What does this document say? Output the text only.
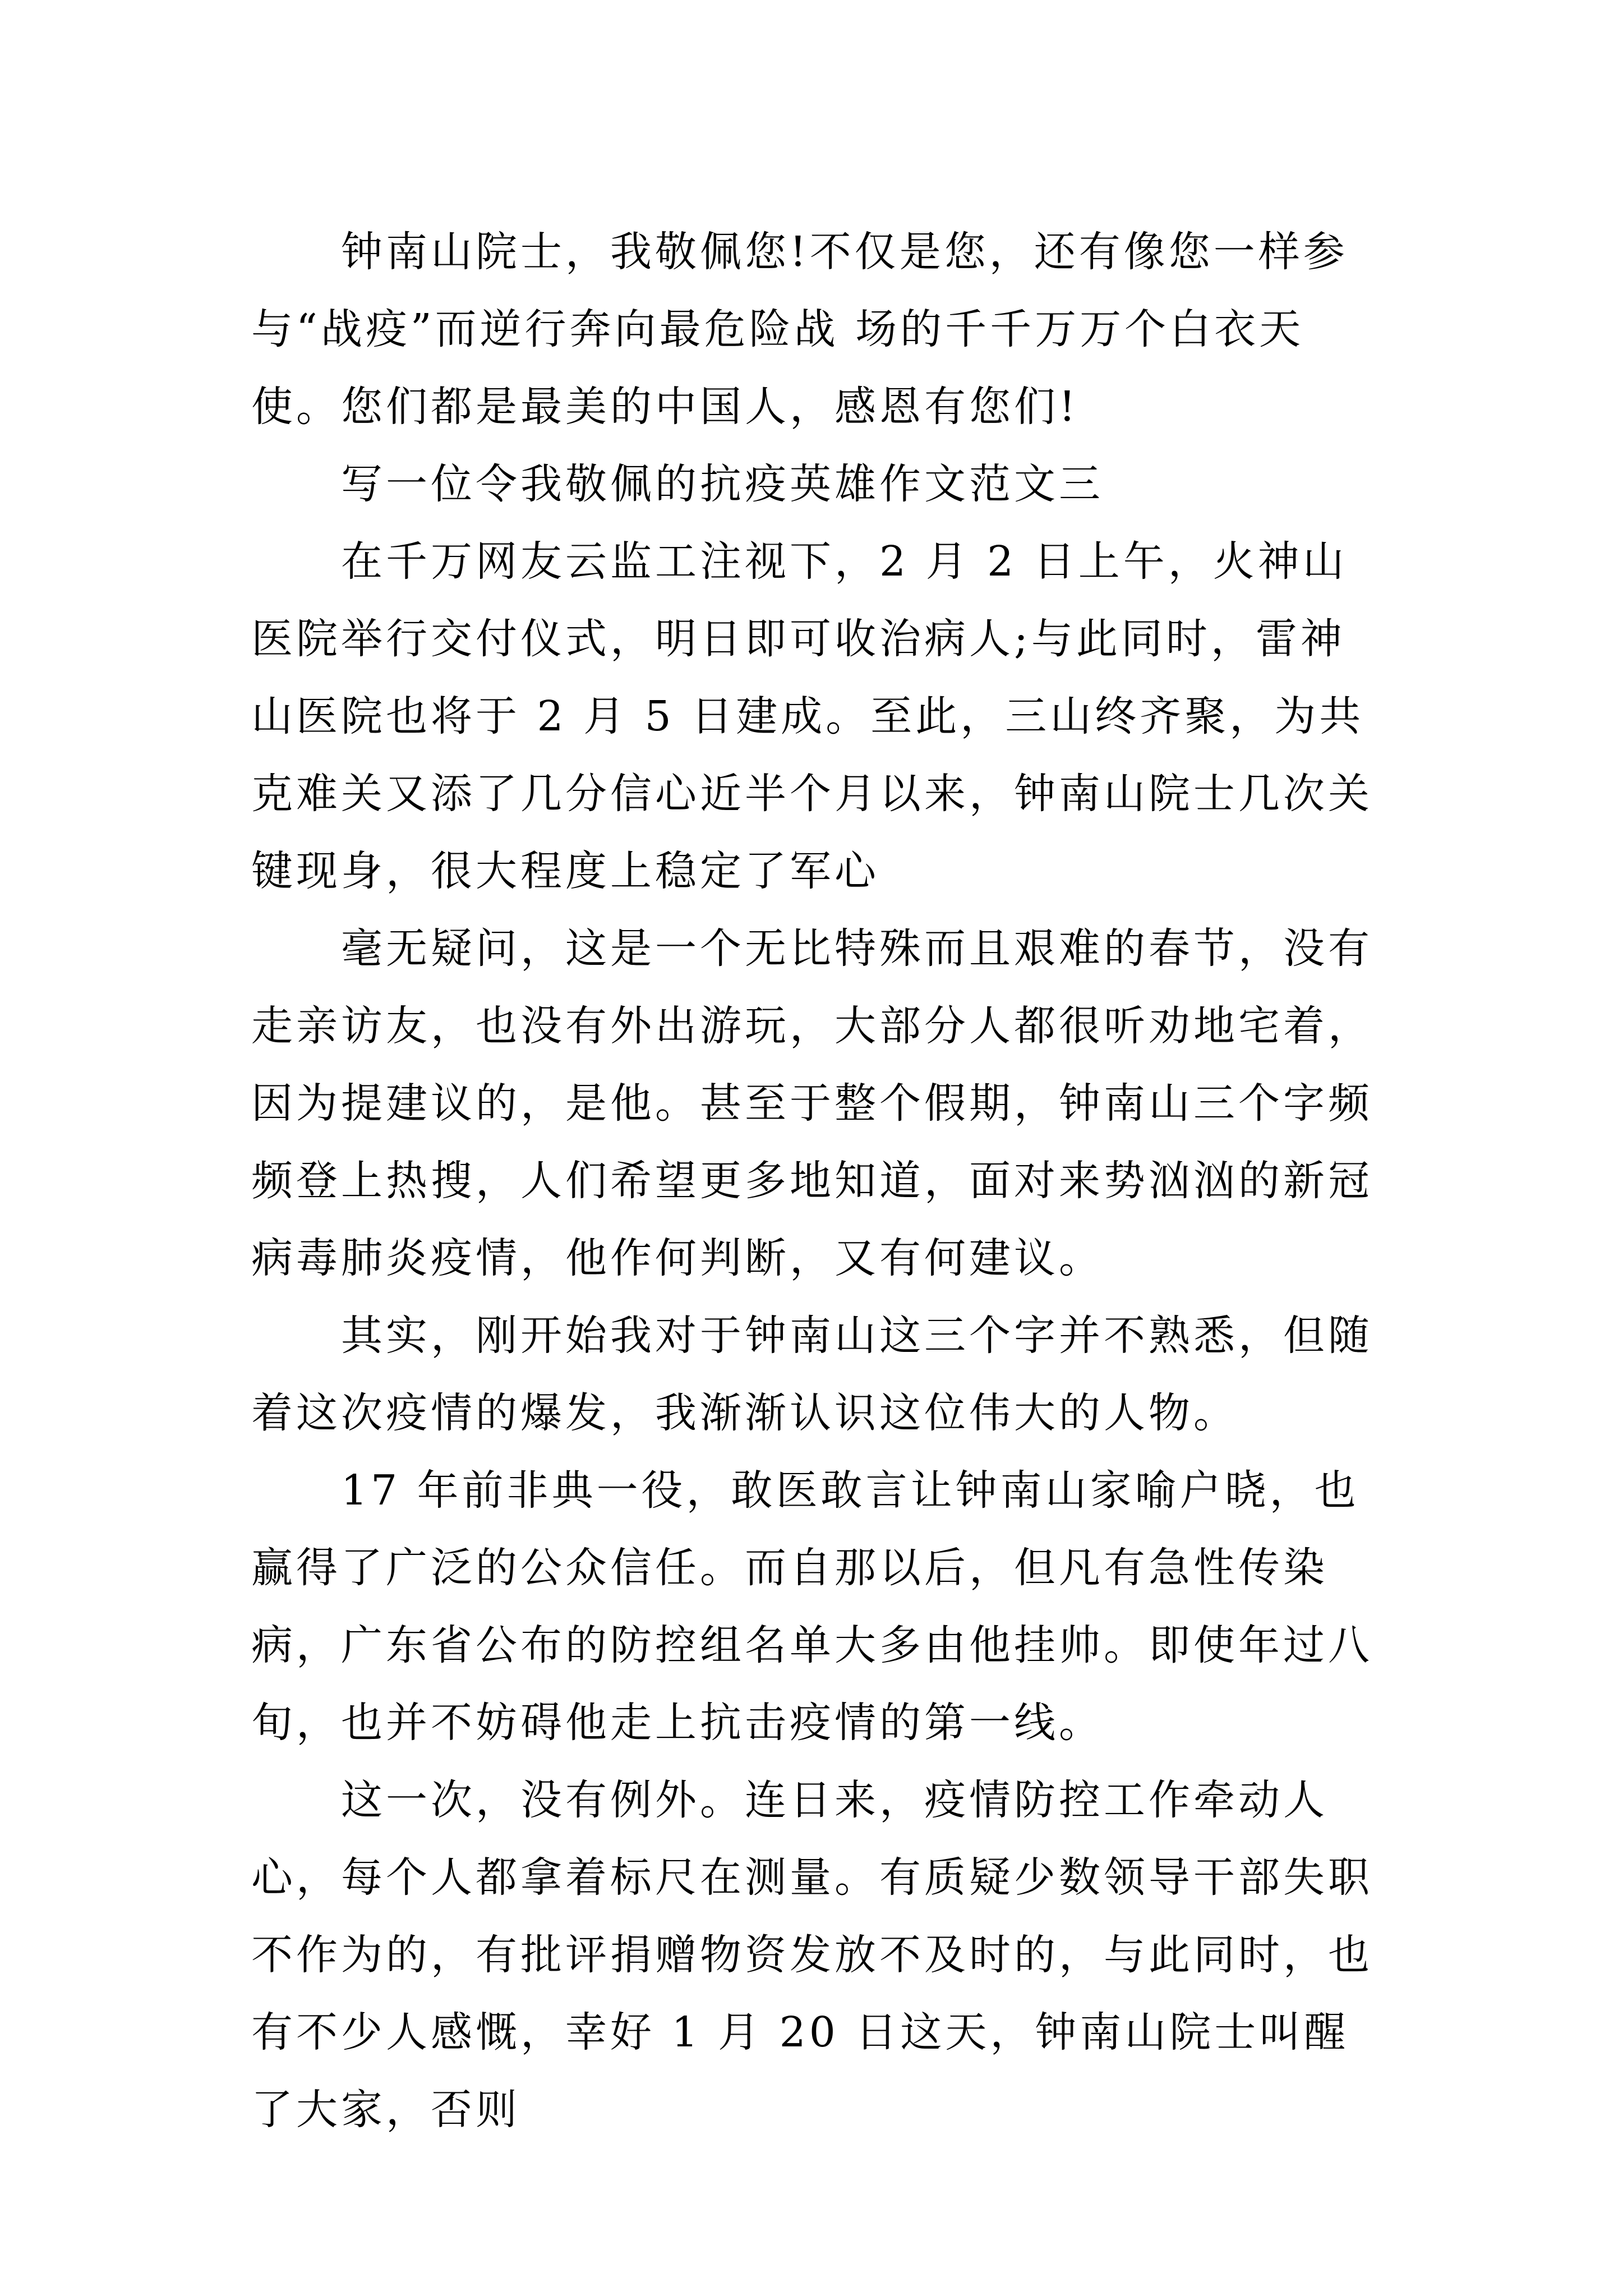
钟南山院士，我敬佩您!不仅是您，还有像您一样参与“战疫”而逆行奔向最危险战 场的千千万万个白衣天使。您们都是最美的中国人，感恩有您们!

写一位令我敬佩的抗疫英雄作文范文三

在千万网友云监工注视下，2 月 2 日上午，火神山医院举行交付仪式，明日即可收治病人;与此同时，雷神山医院也将于 2 月 5 日建成。至此，三山终齐聚，为共克难关又添了几分信心近半个月以来，钟南山院士几次关键现身，很大程度上稳定了军心

毫无疑问，这是一个无比特殊而且艰难的春节，没有走亲访友，也没有外出游玩，大部分人都很听劝地宅着，因为提建议的，是他。甚至于整个假期，钟南山三个字频频登上热搜，人们希望更多地知道，面对来势汹汹的新冠病毒肺炎疫情，他作何判断，又有何建议。

其实，刚开始我对于钟南山这三个字并不熟悉，但随着这次疫情的爆发，我渐渐认识这位伟大的人物。

17 年前非典一役，敢医敢言让钟南山家喻户晓，也赢得了广泛的公众信任。而自那以后，但凡有急性传染病，广东省公布的防控组名单大多由他挂帅。即使年过八旬，也并不妨碍他走上抗击疫情的第一线。

这一次，没有例外。连日来，疫情防控工作牵动人心，每个人都拿着标尺在测量。有质疑少数领导干部失职不作为的，有批评捐赠物资发放不及时的，与此同时，也有不少人感慨，幸好 1 月 20 日这天，钟南山院士叫醒了大家，否则
